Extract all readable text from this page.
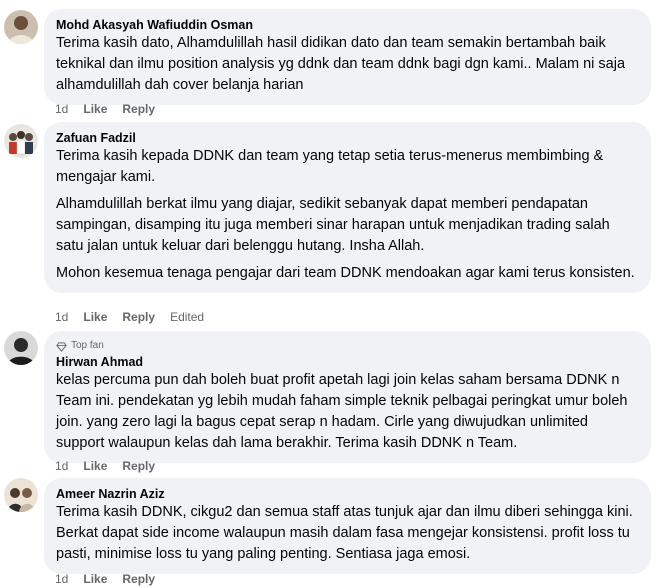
Mohd Akasyah Wafiuddin Osman

Terima kasih dato, Alhamdulillah hasil didikan dato dan team semakin bertambah baik teknikal dan ilmu position analysis yg ddnk dan team ddnk bagi dgn kami.. Malam ni saja alhamdulillah dah cover belanja harian

1d Like Reply
Zafuan Fadzil

Terima kasih kepada DDNK dan team yang tetap setia terus-menerus membimbing & mengajar kami.

Alhamdulillah berkat ilmu yang diajar, sedikit sebanyak dapat memberi pendapatan sampingan, disamping itu juga memberi sinar harapan untuk menjadikan trading salah satu jalan untuk keluar dari belenggu hutang. Insha Allah.

Mohon kesemua tenaga pengajar dari team DDNK mendoakan agar kami terus konsisten.

1d Like Reply Edited
Top fan
Hirwan Ahmad

kelas percuma pun dah boleh buat profit apetah lagi join kelas saham bersama DDNK n Team ini. pendekatan yg lebih mudah faham simple teknik pelbagai peringkat umur boleh join. yang zero lagi la bagus cepat serap n hadam. Cirle yang diwujudkan unlimited support walaupun kelas dah lama berakhir. Terima kasih DDNK n Team.

1d Like Reply
Ameer Nazrin Aziz

Terima kasih DDNK, cikgu2 dan semua staff atas tunjuk ajar dan ilmu diberi sehingga kini. Berkat dapat side income walaupun masih dalam fasa mengejar konsistensi. profit loss tu pasti, minimise loss tu yang paling penting. Sentiasa jaga emosi.

1d Like Reply
